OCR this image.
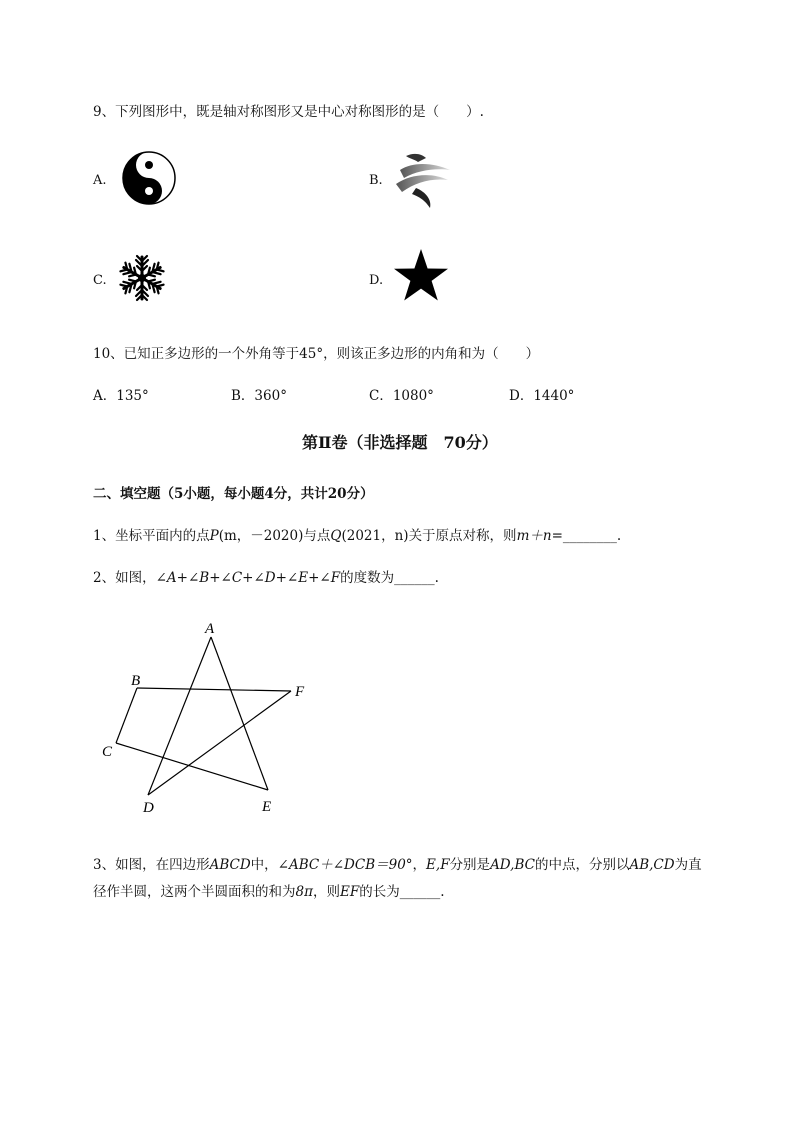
9、下列图形中，既是轴对称图形又是中心对称图形的是（　　）.
A.	B.
C.	D.
10、已知正多边形的一个外角等于45°，则该正多边形的内角和为（　　）
A．135°	B．360°	C．1080°	D．1440°
第Ⅱ卷（非选择题　70分）
二、填空题（5小题，每小题4分，共计20分）
1、坐标平面内的点P(m，－2020)与点Q(2021，n)关于原点对称，则m＋n=________.
2、如图，∠A+∠B+∠C+∠D+∠E+∠F的度数为______.
A
B
C
D	E
F
3、如图，在四边形ABCD中，∠ABC＋∠DCB＝90°，E,F分别是AD,BC的中点，分别以AB,CD为直
径作半圆，这两个半圆面积的和为8π，则EF的长为______.
